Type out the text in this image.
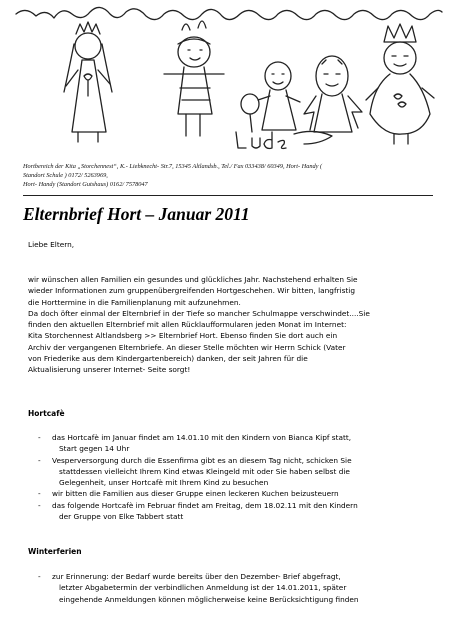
Hortbereich der Kita „Storchennest“, K.- Liebknecht- Str.7, 15345 Altlandsb., Tel./ Fax 033438/ 60349, Hort- Handy (
Standort Schule ) 0172/ 5263969,
Hort- Handy (Standort Gutshaus) 0162/ 7578047
Elternbrief Hort – Januar 2011
Liebe Eltern,
wir wünschen allen Familien ein gesundes und glückliches Jahr. Nachstehend erhalten Sie
wieder Informationen zum gruppenübergreifenden Hortgeschehen. Wir bitten, langfristig
die Horttermine in die Familienplanung mit aufzunehmen.
Da doch öfter einmal der Elternbrief in der Tiefe so mancher Schulmappe verschwindet....Sie
finden den aktuellen Elternbrief mit allen Rücklaufformularen jeden Monat im Internet:
Kita Storchennest Altlandsberg >> Elternbrief Hort. Ebenso finden Sie dort auch ein
Archiv der vergangenen Elternbriefe. An dieser Stelle möchten wir Herrn Schick (Vater
von Friederike aus dem Kindergartenbereich) danken, der seit Jahren für die
Aktualisierung unserer Internet- Seite sorgt!
Hortcafè
- das Hortcafè im Januar findet am 14.01.10 mit den Kindern von Bianca Kipf statt,
Start gegen 14 Uhr
- Vesperversorgung durch die Essenfirma gibt es an diesem Tag nicht, schicken Sie
stattdessen vielleicht Ihrem Kind etwas Kleingeld mit oder Sie haben selbst die
Gelegenheit, unser Hortcafè mit Ihrem Kind zu besuchen
- wir bitten die Familien aus dieser Gruppe einen leckeren Kuchen beizusteuern
- das folgende Hortcafè im Februar findet am Freitag, dem 18.02.11 mit den Kindern
der Gruppe von Elke Tabbert statt
Winterferien
- zur Erinnerung: der Bedarf wurde bereits über den Dezember- Brief abgefragt,
letzter Abgabetermin der verbindlichen Anmeldung ist der 14.01.2011, später
eingehende Anmeldungen können möglicherweise keine Berücksichtigung finden
